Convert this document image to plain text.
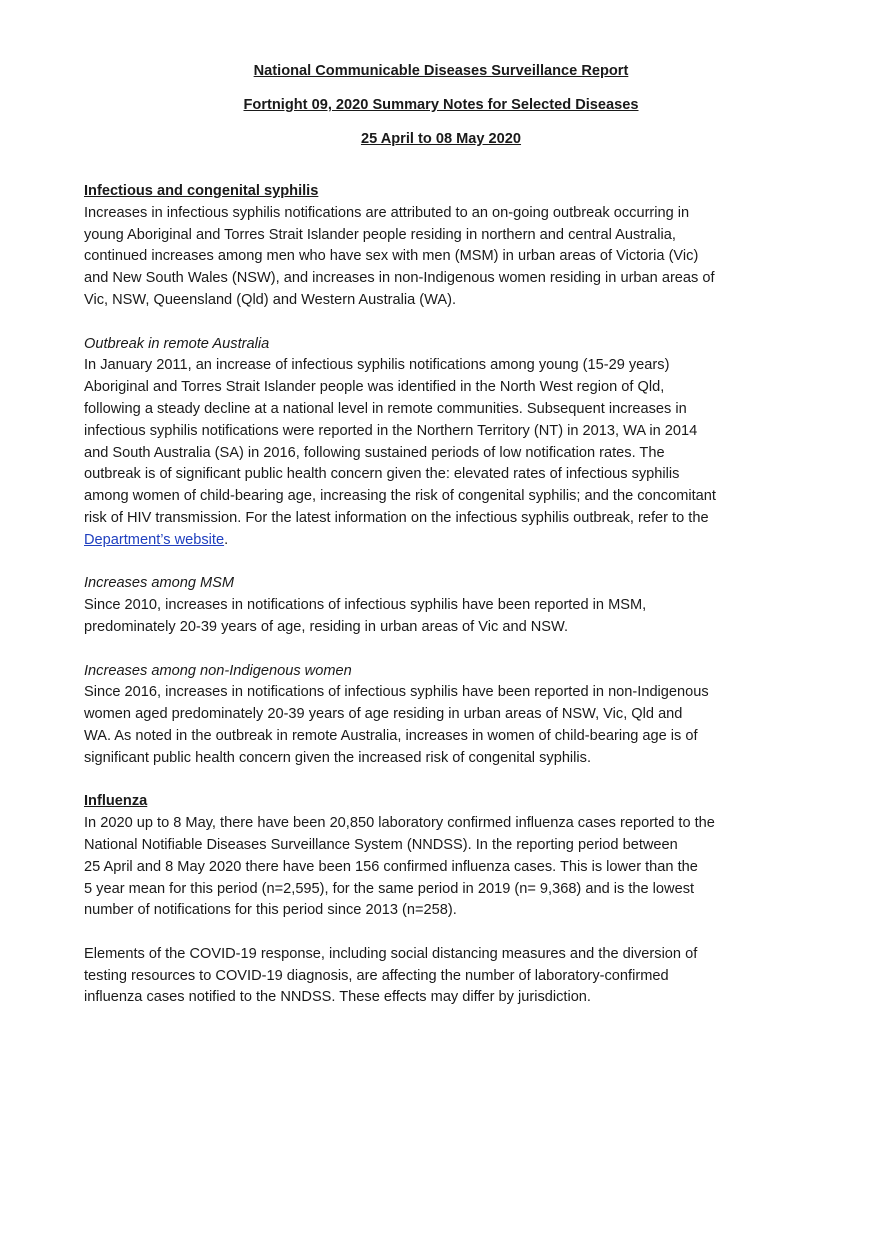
National Communicable Diseases Surveillance Report
Fortnight 09, 2020 Summary Notes for Selected Diseases
25 April to 08 May 2020

Infectious and congenital syphilis

Increases in infectious syphilis notifications are attributed to an on-going outbreak occurring in
young Aboriginal and Torres Strait Islander people residing in northern and central Australia,
continued increases among men who have sex with men (MSM) in urban areas of Victoria (Vic)
and New South Wales (NSW), and increases in non-Indigenous women residing in urban areas of
Vic, NSW, Queensland (Qld) and Western Australia (WA).

Outbreak in remote Australia

In January 2011, an increase of infectious syphilis notifications among young (15-29 years)
Aboriginal and Torres Strait Islander people was identified in the North West region of Qld,
following a steady decline at a national level in remote communities. Subsequent increases in
infectious syphilis notifications were reported in the Northern Territory (NT) in 2013, WA in 2014
and South Australia (SA) in 2016, following sustained periods of low notification rates. The
outbreak is of significant public health concern given the: elevated rates of infectious syphilis
among women of child-bearing age, increasing the risk of congenital syphilis; and the concomitant
risk of HIV transmission. For the latest information on the infectious syphilis outbreak, refer to the
Department’s website.

Increases among MSM

Since 2010, increases in notifications of infectious syphilis have been reported in MSM,
predominately 20-39 years of age, residing in urban areas of Vic and NSW.

Increases among non-Indigenous women

Since 2016, increases in notifications of infectious syphilis have been reported in non-Indigenous
women aged predominately 20-39 years of age residing in urban areas of NSW, Vic, Qld and
WA. As noted in the outbreak in remote Australia, increases in women of child-bearing age is of
significant public health concern given the increased risk of congenital syphilis.

Influenza

In 2020 up to 8 May, there have been 20,850 laboratory confirmed influenza cases reported to the
National Notifiable Diseases Surveillance System (NNDSS). In the reporting period between
25 April and 8 May 2020 there have been 156 confirmed influenza cases. This is lower than the
5 year mean for this period (n=2,595), for the same period in 2019 (n= 9,368) and is the lowest
number of notifications for this period since 2013 (n=258).

Elements of the COVID-19 response, including social distancing measures and the diversion of
testing resources to COVID-19 diagnosis, are affecting the number of laboratory-confirmed
influenza cases notified to the NNDSS. These effects may differ by jurisdiction.
